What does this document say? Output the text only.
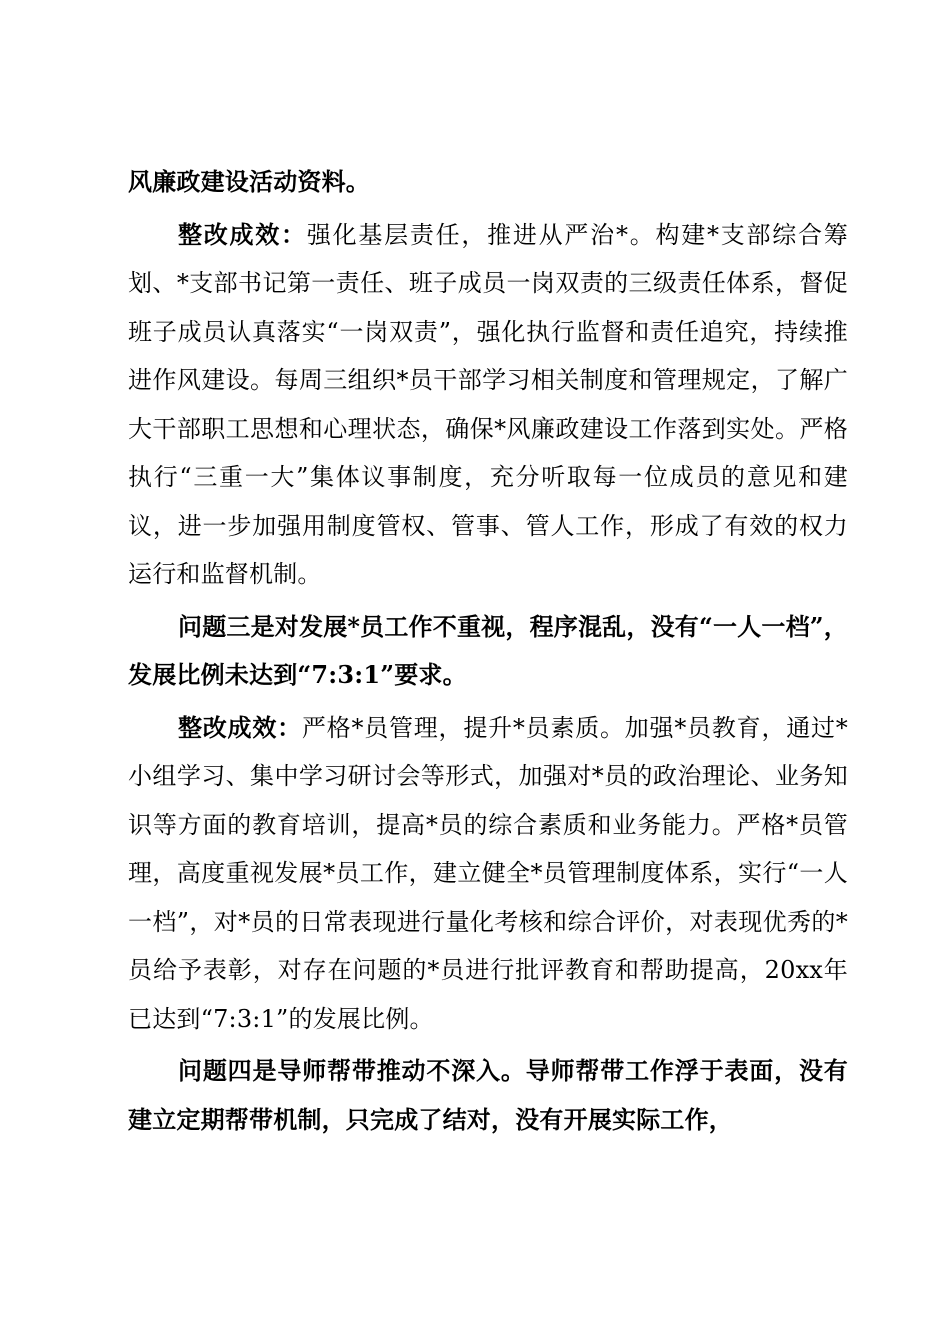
风廉政建设活动资料。

整改成效：强化基层责任，推进从严治*。构建*支部综合筹划、*支部书记第一责任、班子成员一岗双责的三级责任体系，督促班子成员认真落实“一岗双责”，强化执行监督和责任追究，持续推进作风建设。每周三组织*员干部学习相关制度和管理规定，了解广大干部职工思想和心理状态，确保*风廉政建设工作落到实处。严格执行“三重一大”集体议事制度，充分听取每一位成员的意见和建议，进一步加强用制度管权、管事、管人工作，形成了有效的权力运行和监督机制。

问题三是对发展*员工作不重视，程序混乱，没有“一人一档”，发展比例未达到“7:3:1”要求。

整改成效：严格*员管理，提升*员素质。加强*员教育，通过*小组学习、集中学习研讨会等形式，加强对*员的政治理论、业务知识等方面的教育培训，提高*员的综合素质和业务能力。严格*员管理，高度重视发展*员工作，建立健全*员管理制度体系，实行“一人一档”，对*员的日常表现进行量化考核和综合评价，对表现优秀的*员给予表彰，对存在问题的*员进行批评教育和帮助提高，20xx年已达到“7:3:1”的发展比例。

问题四是导师帮带推动不深入。导师帮带工作浮于表面，没有建立定期帮带机制，只完成了结对，没有开展实际工作，
